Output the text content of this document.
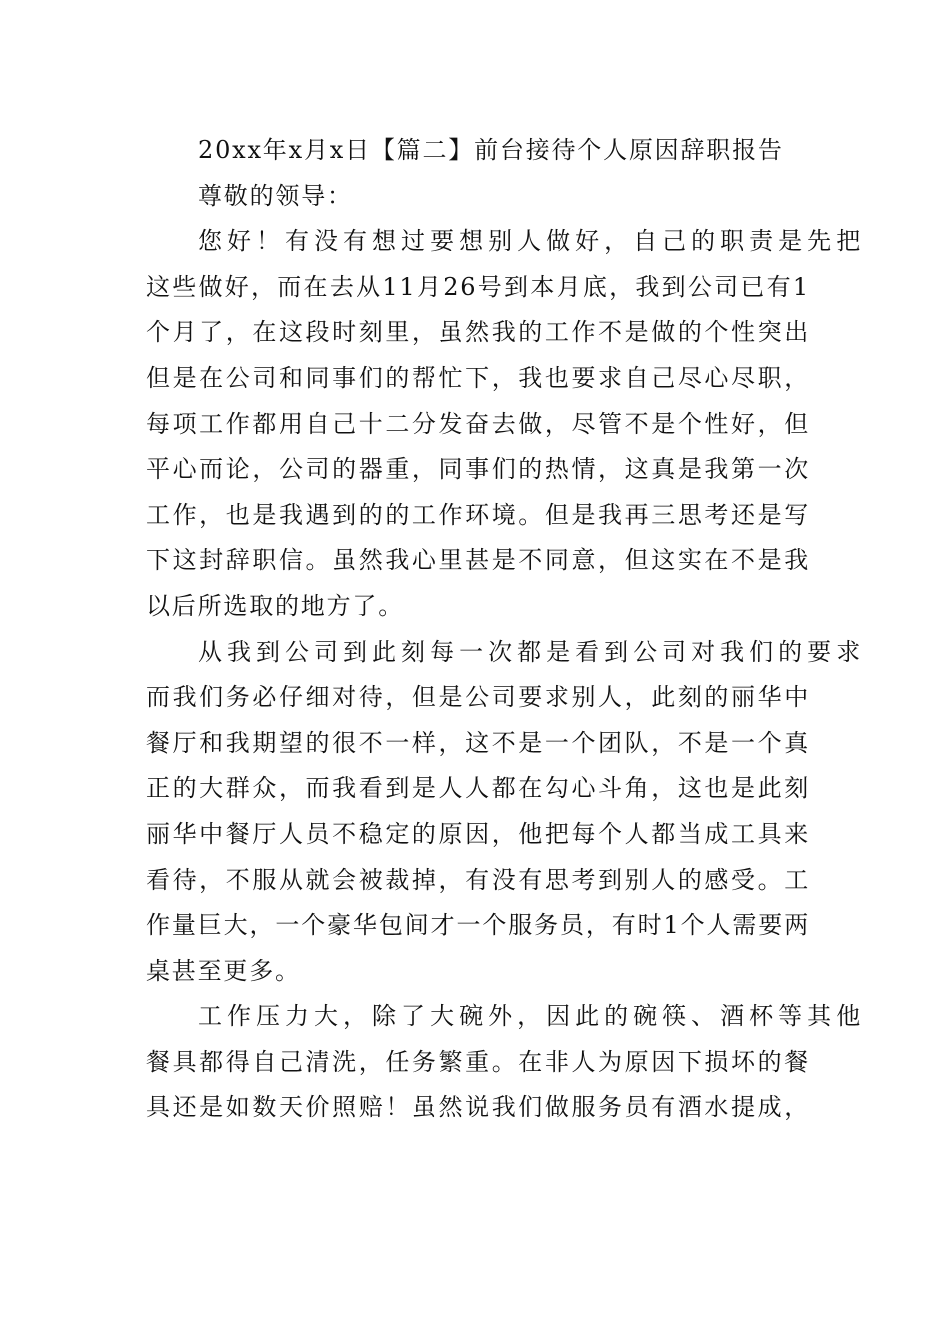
20xx年x月x日【篇二】前台接待个人原因辞职报告
尊敬的领导：
您好！有没有想过要想别人做好，自己的职责是先把
这些做好，而在去从11月26号到本月底，我到公司已有1
个月了，在这段时刻里，虽然我的工作不是做的个性突出
但是在公司和同事们的帮忙下，我也要求自己尽心尽职，
每项工作都用自己十二分发奋去做，尽管不是个性好，但
平心而论，公司的器重，同事们的热情，这真是我第一次
工作，也是我遇到的的工作环境。但是我再三思考还是写
下这封辞职信。虽然我心里甚是不同意，但这实在不是我
以后所选取的地方了。
从我到公司到此刻每一次都是看到公司对我们的要求
而我们务必仔细对待，但是公司要求别人，此刻的丽华中
餐厅和我期望的很不一样，这不是一个团队，不是一个真
正的大群众，而我看到是人人都在勾心斗角，这也是此刻
丽华中餐厅人员不稳定的原因，他把每个人都当成工具来
看待，不服从就会被裁掉，有没有思考到别人的感受。工
作量巨大，一个豪华包间才一个服务员，有时1个人需要两
桌甚至更多。
工作压力大，除了大碗外，因此的碗筷、酒杯等其他
餐具都得自己清洗，任务繁重。在非人为原因下损坏的餐
具还是如数天价照赔！虽然说我们做服务员有酒水提成，
